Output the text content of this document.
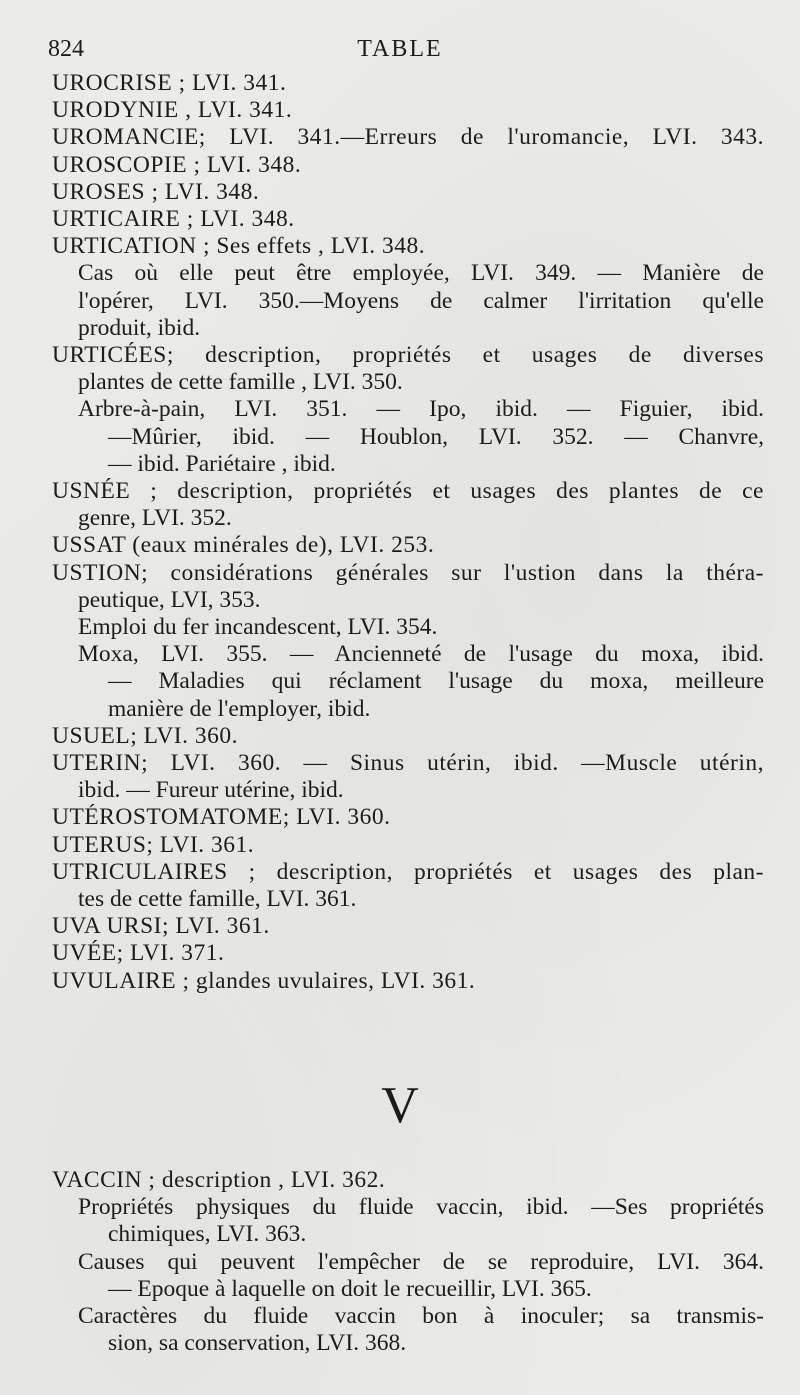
824	TABLE
UROCRISE ; LVI. 341.
URODYNIE , LVI. 341.
UROMANCIE; LVI. 341.—Erreurs de l'uromancie, LVI. 343.
UROSCOPIE ; LVI. 348.
UROSES ; LVI. 348.
URTICAIRE ; LVI. 348.
URTICATION ; Ses effets , LVI. 348.
Cas où elle peut être employée, LVI. 349. — Manière de
l'opérer, LVI. 350.—Moyens de calmer l'irritation qu'elle
produit, ibid.
URTICÉES; description, propriétés et usages de diverses
plantes de cette famille , LVI. 350.
Arbre-à-pain, LVI. 351. — Ipo, ibid. — Figuier, ibid.
—Mûrier, ibid. — Houblon, LVI. 352. — Chanvre,
— ibid. Pariétaire , ibid.
USNÉE ; description, propriétés et usages des plantes de ce
genre, LVI. 352.
USSAT (eaux minérales de), LVI. 253.
USTION; considérations générales sur l'ustion dans la théra-
peutique, LVI, 353.
Emploi du fer incandescent, LVI. 354.
Moxa, LVI. 355. — Ancienneté de l'usage du moxa, ibid.
— Maladies qui réclament l'usage du moxa, meilleure
manière de l'employer, ibid.
USUEL; LVI. 360.
UTERIN; LVI. 360. — Sinus utérin, ibid. —Muscle utérin,
ibid. — Fureur utérine, ibid.
UTÉROSTOMATOME; LVI. 360.
UTERUS; LVI. 361.
UTRICULAIRES ; description, propriétés et usages des plan-
tes de cette famille, LVI. 361.
UVA URSI; LVI. 361.
UVÉE; LVI. 371.
UVULAIRE ; glandes uvulaires, LVI. 361.
V
VACCIN ; description , LVI. 362.
Propriétés physiques du fluide vaccin, ibid. —Ses propriétés
chimiques, LVI. 363.
Causes qui peuvent l'empêcher de se reproduire, LVI. 364.
— Epoque à laquelle on doit le recueillir, LVI. 365.
Caractères du fluide vaccin bon à inoculer; sa transmis-
sion, sa conservation, LVI. 368.
